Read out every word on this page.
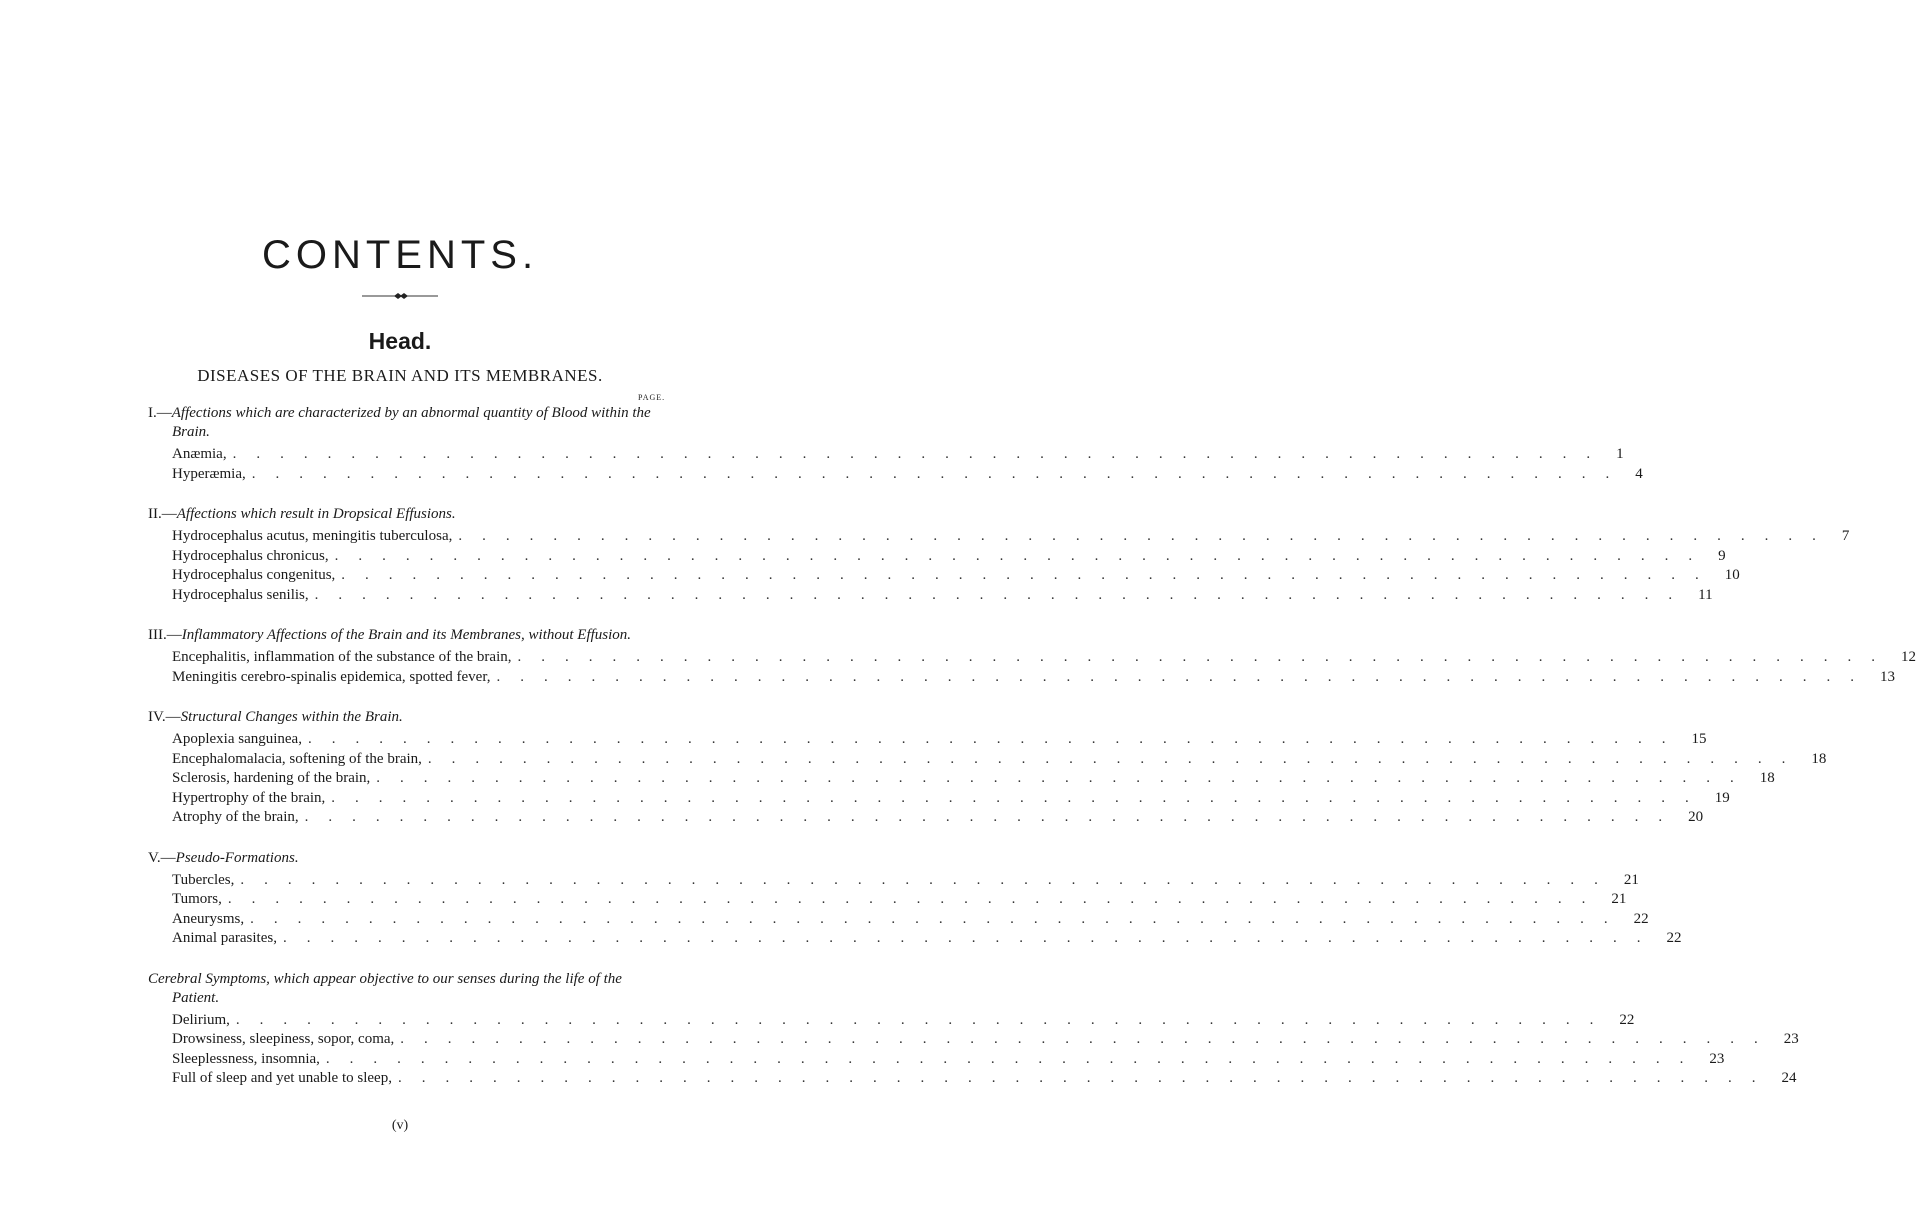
CONTENTS.
Head.
DISEASES OF THE BRAIN AND ITS MEMBRANES.
PAGE.
I.—Affections which are characterized by an abnormal quantity of Blood within the Brain.
Anæmia, .......................................................... 1
Hyperæmia, .......................................................... 4
II.—Affections which result in Dropsical Effusions.
Hydrocephalus acutus, meningitis tuberculosa, .......................................................... 7
Hydrocephalus chronicus, .......................................................... 9
Hydrocephalus congenitus, .......................................................... 10
Hydrocephalus senilis, .......................................................... 11
III.—Inflammatory Affections of the Brain and its Membranes, without Effusion.
Encephalitis, inflammation of the substance of the brain, .......................................................... 12
Meningitis cerebro-spinalis epidemica, spotted fever, .......................................................... 13
IV.—Structural Changes within the Brain.
Apoplexia sanguinea, .......................................................... 15
Encephalomalacia, softening of the brain, .......................................................... 18
Sclerosis, hardening of the brain, .......................................................... 18
Hypertrophy of the brain, .......................................................... 19
Atrophy of the brain, .......................................................... 20
V.—Pseudo-Formations.
Tubercles, .......................................................... 21
Tumors, .......................................................... 21
Aneurysms, .......................................................... 22
Animal parasites, .......................................................... 22
Cerebral Symptoms, which appear objective to our senses during the life of the Patient.
Delirium, .......................................................... 22
Drowsiness, sleepiness, sopor, coma, .......................................................... 23
Sleeplessness, insomnia, .......................................................... 23
Full of sleep and yet unable to sleep, .......................................................... 24
(v)
